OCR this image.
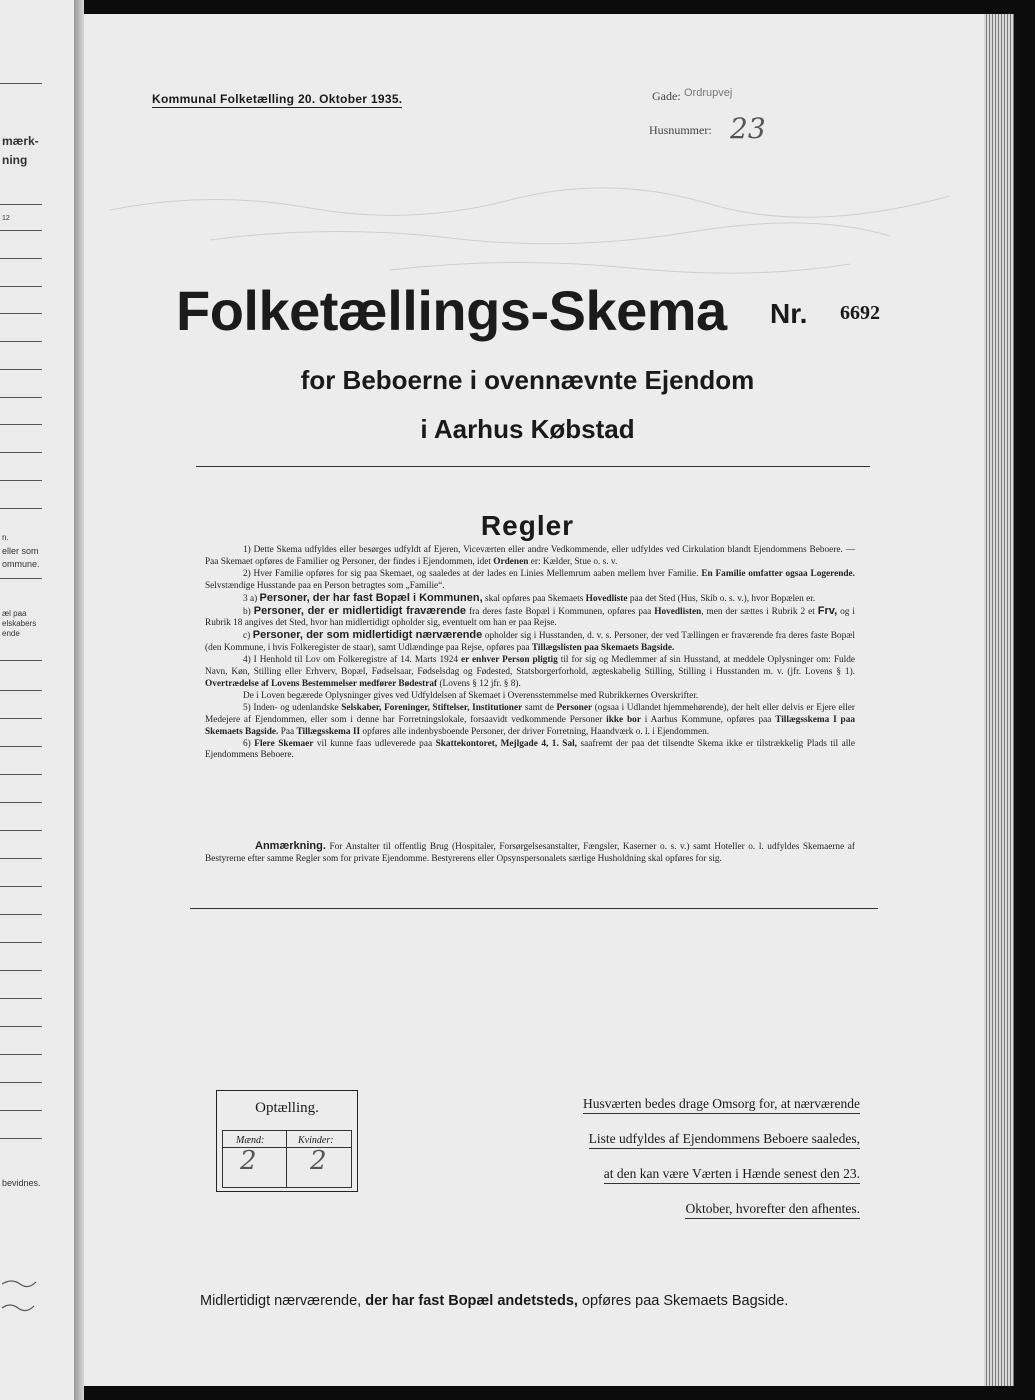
mærk-
ning
12
n.
eller som
ommune.
æl paa
elskabers
ende
bevidnes.
Kommunal Folketælling 20. Oktober 1935.	Gade: Ordrupvej
Husnummer: 23
Folketællings-Skema Nr. 6692
for Beboerne i ovennævnte Ejendom
i Aarhus Købstad
Regler

1) Dette Skema udfyldes eller besørges udfyldt af Ejeren, Viceværten eller andre Vedkommende, eller udfyldes ved Cirkulation blandt Ejendommens Beboere. — Paa Skemaet opføres de Familier og Personer, der findes i Ejendommen, idet Ordenen er: Kælder, Stue o. s. v.

2) Hver Familie opføres for sig paa Skemaet, og saaledes at der lades en Linies Mellemrum aaben mellem hver Familie. En Familie omfatter ogsaa Logerende. Selvstændige Husstande paa en Person betragtes som „Familie“.

3 a) Personer, der har fast Bopæl i Kommunen, skal opføres paa Skemaets Hovedliste paa det Sted (Hus, Skib o. s. v.), hvor Bopælen er.

b) Personer, der er midlertidigt fraværende fra deres faste Bopæl i Kommunen, opføres paa Hovedlisten, men der sættes i Rubrik 2 et Frv, og i Rubrik 18 angives det Sted, hvor han midlertidigt opholder sig, eventuelt om han er paa Rejse.

c) Personer, der som midlertidigt nærværende opholder sig i Husstanden, d. v. s. Personer, der ved Tællingen er fraværende fra deres faste Bopæl (den Kommune, i hvis Folkeregister de staar), samt Udlændinge paa Rejse, opføres paa Tillægslisten paa Skemaets Bagside.

4) I Henhold til Lov om Folkeregistre af 14. Marts 1924 er enhver Person pligtig til for sig og Medlemmer af sin Husstand, at meddele Oplysninger om: Fulde Navn, Køn, Stilling eller Erhverv, Bopæl, Fødselsaar, Fødselsdag og Fødested, Statsborgerforhold, ægteskabelig Stilling, Stilling i Husstanden m. v. (jfr. Lovens § 1). Overtrædelse af Lovens Bestemmelser medfører Bødestraf (Lovens § 12 jfr. § 8).

De i Loven begærede Oplysninger gives ved Udfyldelsen af Skemaet i Overensstemmelse med Rubrikkernes Overskrifter.

5) Inden- og udenlandske Selskaber, Foreninger, Stiftelser, Institutioner samt de Personer (ogsaa i Udlandet hjemmehørende), der helt eller delvis er Ejere eller Medejere af Ejendommen, eller som i denne har Forretningslokale, forsaavidt vedkommende Personer ikke bor i Aarhus Kommune, opføres paa Tillægsskema I paa Skemaets Bagside. Paa Tillægsskema II opføres alle indenbysboende Personer, der driver Forretning, Haandværk o. l. i Ejendommen.

6) Flere Skemaer vil kunne faas udleverede paa Skattekontoret, Mejlgade 4, 1. Sal, saafremt der paa det tilsendte Skema ikke er tilstrækkelig Plads til alle Ejendommens Beboere.

Anmærkning. For Anstalter til offentlig Brug (Hospitaler, Forsørgelsesanstalter, Fængsler, Kaserner o. s. v.) samt Hoteller o. l. udfyldes Skemaerne af Bestyrerne efter samme Regler som for private Ejendomme. Bestyrerens eller Opsynspersonalets særlige Husholdning skal opføres for sig.

Optælling.
Mænd:	Kvinder:
2 2
Husværten bedes drage Omsorg for, at nærværende
Liste udfyldes af Ejendommens Beboere saaledes,
at den kan være Værten i Hænde senest den 23.
Oktober, hvorefter den afhentes.
Midlertidigt nærværende, der har fast Bopæl andetsteds, opføres paa Skemaets Bagside.
